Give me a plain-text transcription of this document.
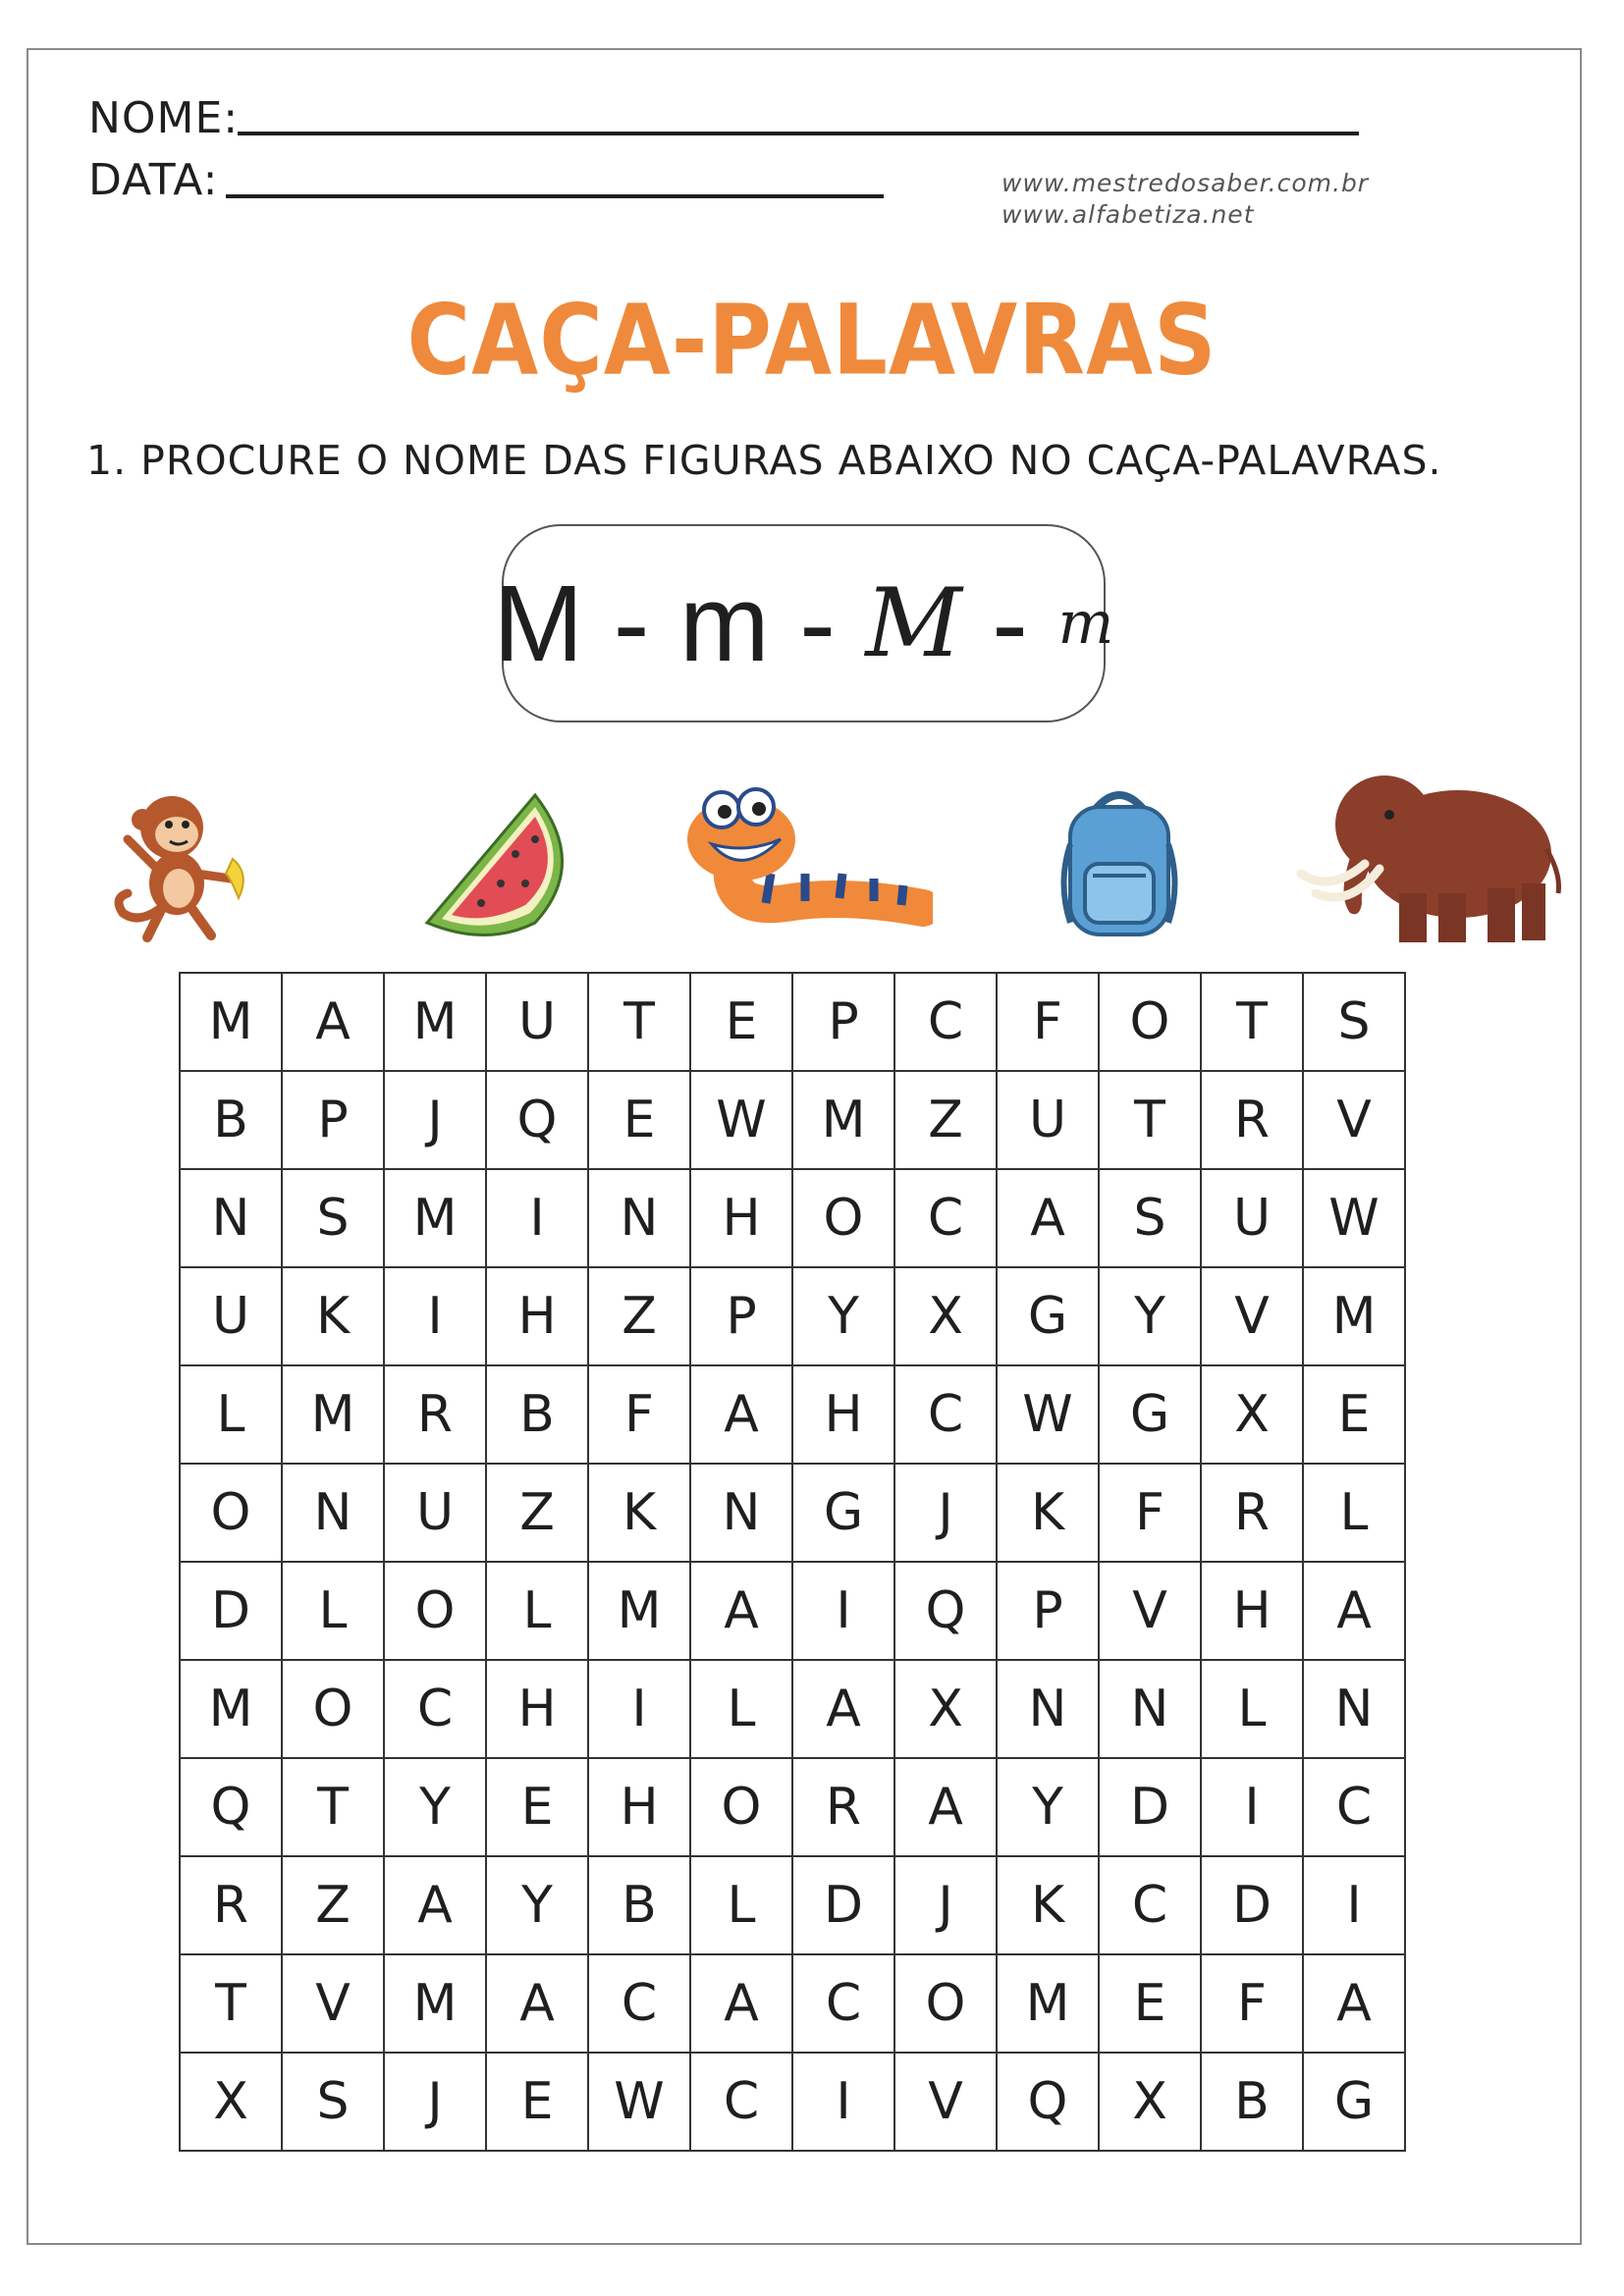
NOME:
DATA:	www.mestredosaber.com.br
www.alfabetiza.net
CAÇA-PALAVRAS
1. PROCURE O NOME DAS FIGURAS ABAIXO NO CAÇA-PALAVRAS.
M - m - M - m
M	A	M	U	T	E	P	C	F	O	T	S
B	P	J	Q	E	W	M	Z	U	T	R	V
N	S	M	I	N	H	O	C	A	S	U	W
U	K	I	H	Z	P	Y	X	G	Y	V	M
L	M	R	B	F	A	H	C	W	G	X	E
O	N	U	Z	K	N	G	J	K	F	R	L
D	L	O	L	M	A	I	Q	P	V	H	A
M	O	C	H	I	L	A	X	N	N	L	N
Q	T	Y	E	H	O	R	A	Y	D	I	C
R	Z	A	Y	B	L	D	J	K	C	D	I
T	V	M	A	C	A	C	O	M	E	F	A
X	S	J	E	W	C	I	V	Q	X	B	G
